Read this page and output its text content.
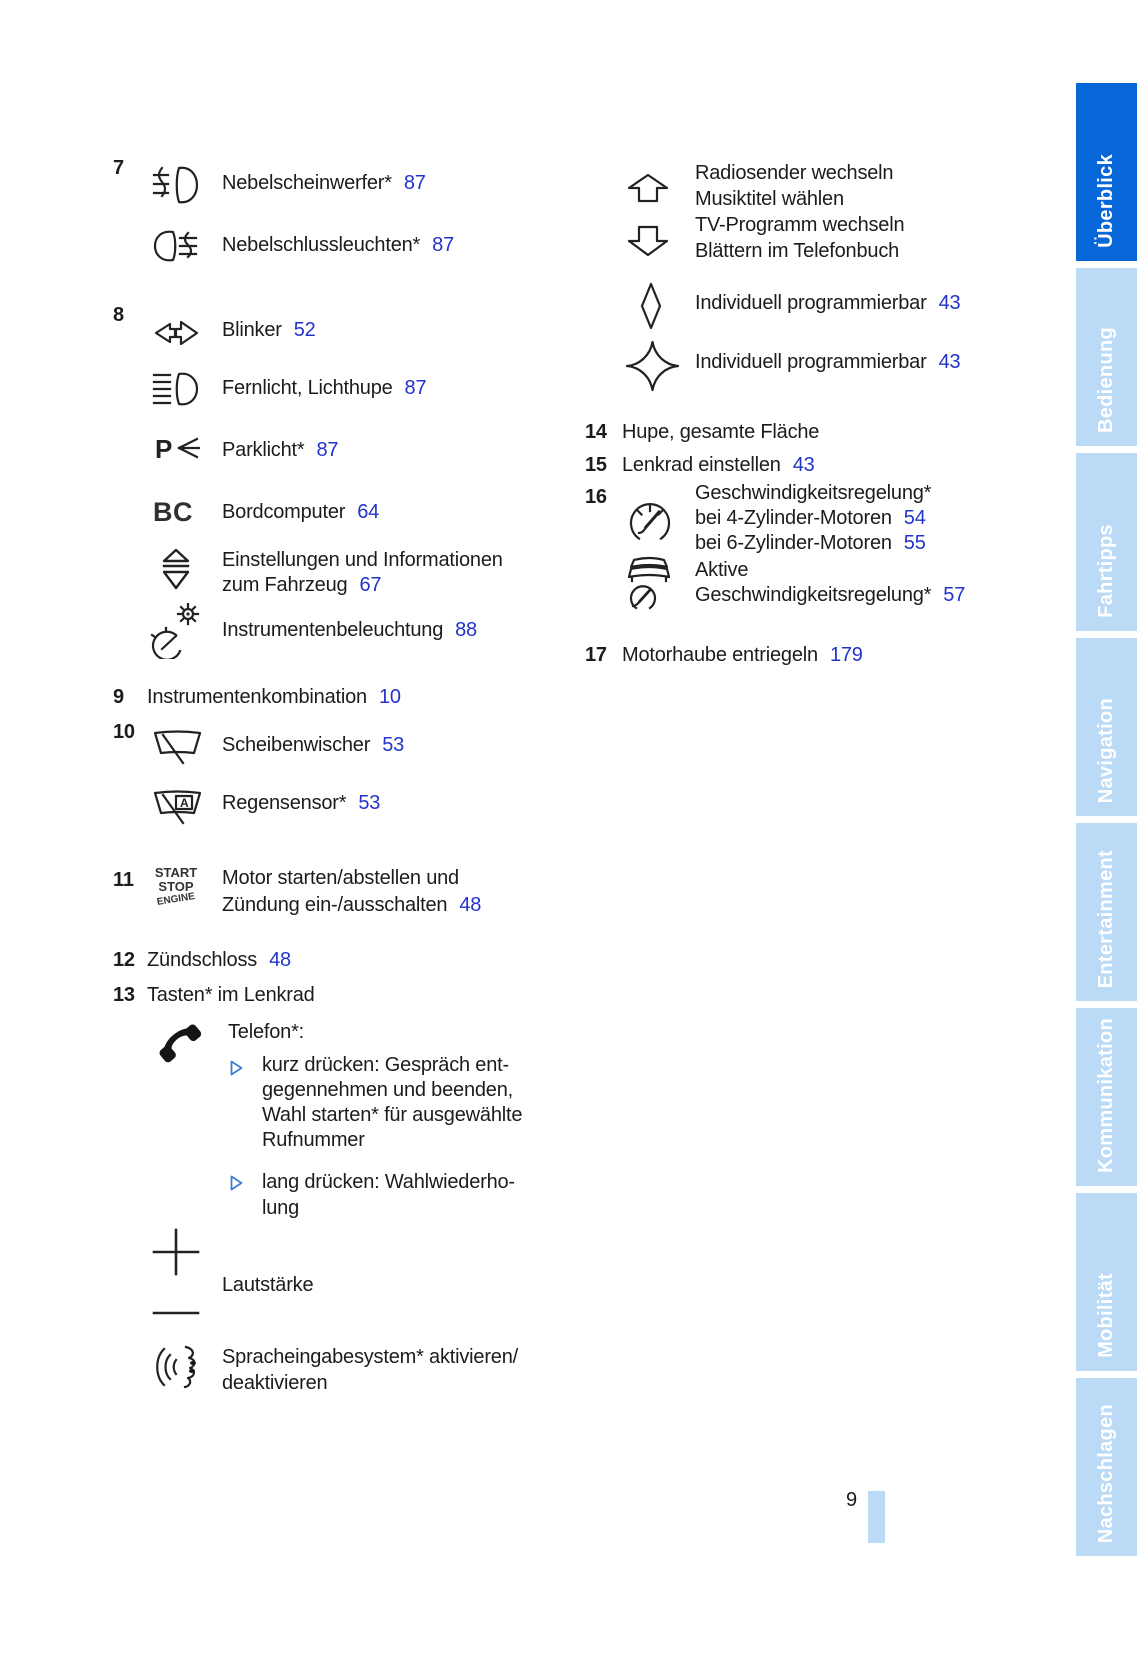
7
Nebelscheinwerfer* 87
Nebelschlussleuchten* 87
8
Blinker 52
Fernlicht, Lichthupe 87
P Parklicht* 87
BC Bordcomputer 64
Einstellungen und Informationen
zum Fahrzeug 67
Instrumentenbeleuchtung 88
9 Instrumentenkombination 10
10
Scheibenwischer 53
A Regensensor* 53
11	START
STOP
ENGINE
Motor starten/abstellen und
Zündung ein-/ausschalten 48
12 Zündschloss 48
13 Tasten* im Lenkrad
Telefon*:
kurz drücken: Gespräch ent-
gegennehmen und beenden,
Wahl starten* für ausgewählte
Rufnummer
lang drücken: Wahlwiederho-
lung
Lautstärke
Spracheingabesystem* aktivieren/
deaktivieren
Radiosender wechseln
Musiktitel wählen
TV-Programm wechseln
Blättern im Telefonbuch
Individuell programmierbar 43
Individuell programmierbar 43
14 Hupe, gesamte Fläche
15 Lenkrad einstellen 43
16	Geschwindigkeitsregelung*
bei 4-Zylinder-Motoren 54
bei 6-Zylinder-Motoren 55
Aktive
Geschwindigkeitsregelung* 57
17 Motorhaube entriegeln 179
Überblick
Bedienung
Fahrtipps
Navigation
Entertainment
Kommunikation
Mobilität
Nachschlagen
9
